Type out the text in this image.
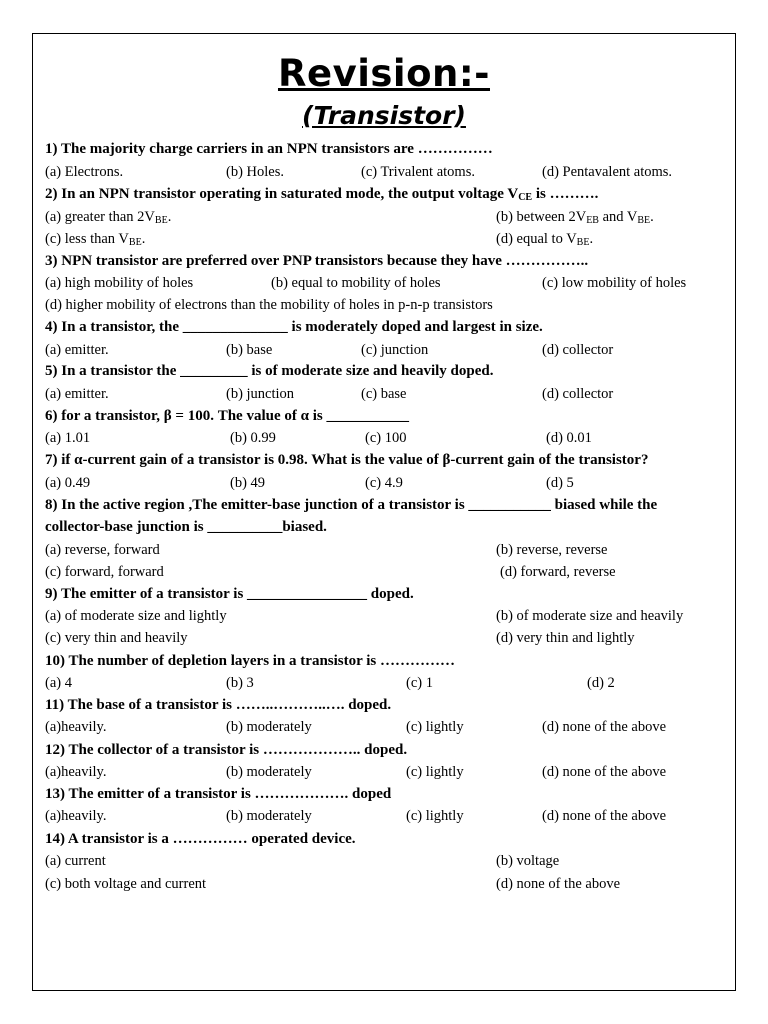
Revision:-
(Transistor)
1) The majority charge carriers in an NPN transistors are ……………
(a) Electrons.	(b) Holes.	(c) Trivalent atoms.	(d) Pentavalent atoms.
2) In an NPN transistor operating in saturated mode, the output voltage $V_{CE}$ is ……….
(a) greater than $2V_{BE}$.	(b) between $2V_{EB}$ and $V_{BE}$.
(c) less than $V_{BE}$.	(d) equal to $V_{BE}$.
3) NPN transistor are preferred over PNP transistors because they have ……………..
(a) high mobility of holes	(b) equal to mobility of holes	(c) low mobility of holes
(d) higher mobility of electrons than the mobility of holes in p-n-p transistors
4) In a transistor, the ______________ is moderately doped and largest in size.
(a) emitter.	(b) base	(c) junction	(d) collector
5) In a transistor the _________ is of moderate size and heavily doped.
(a) emitter.	(b) junction	(c) base	(d) collector
6) for a transistor, β = 100. The value of α is ___________
(a) 1.01	(b) 0.99	(c) 100	(d) 0.01
7) if α-current gain of a transistor is 0.98. What is the value of β-current gain of the transistor?
(a) 0.49	(b) 49	(c) 4.9	(d) 5
8) In the active region ,The emitter-base junction of a transistor is ___________ biased while the
collector-base junction is __________biased.
(a) reverse, forward	(b) reverse, reverse
(c) forward, forward	(d) forward, reverse
9) The emitter of a transistor is ________________ doped.
(a) of moderate size and lightly	(b) of moderate size and heavily
(c) very thin and heavily	(d) very thin and lightly
10) The number of depletion layers in a transistor is ……………
(a) 4	(b) 3	(c) 1	(d) 2
11) The base of a transistor is ……..………..…. doped.
(a)heavily.	(b) moderately	(c) lightly	(d) none of the above
12) The collector of a transistor is ……………….. doped.
(a)heavily.	(b) moderately	(c) lightly	(d) none of the above
13) The emitter of a transistor is ………………. doped
(a)heavily.	(b) moderately	(c) lightly	(d) none of the above
14) A transistor is a …………… operated device.
(a) current	(b) voltage
(c) both voltage and current	(d) none of the above
